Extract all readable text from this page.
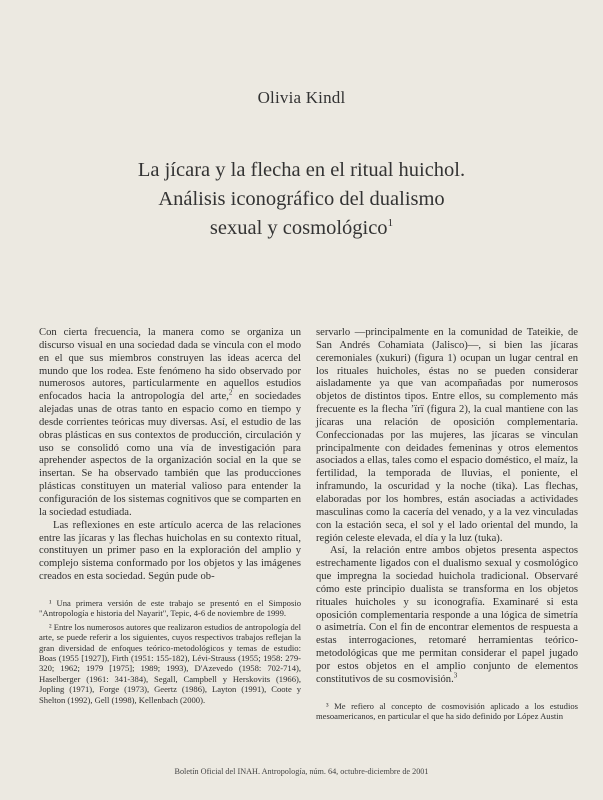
Olivia Kindl
La jícara y la flecha en el ritual huichol.
Análisis iconográfico del dualismo
sexual y cosmológico$^1$

Con cierta frecuencia, la manera como se organiza un discurso visual en una sociedad dada se vincula con el modo en el que sus miembros construyen las ideas acerca del mundo que los rodea. Este fenómeno ha sido observado por numerosos autores, particularmente en aquellos estudios enfocados hacia la antropología del arte,$^2$ en sociedades alejadas unas de otras tanto en espacio como en tiempo y desde corrientes teóricas muy diversas. Así, el estudio de las obras plásticas en sus contextos de producción, circulación y uso se consolidó como una vía de investigación para aprehender aspectos de la organización social en la que se insertan. Se ha observado también que las producciones plásticas constituyen un material valioso para entender la configuración de los sistemas cognitivos que se comparten en la sociedad estudiada.

Las reflexiones en este artículo acerca de las relaciones entre las jícaras y las flechas huicholas en su contexto ritual, constituyen un primer paso en la exploración del amplio y complejo sistema conformado por los objetos y las imágenes creados en esta sociedad. Según pude ob-

¹ Una primera versión de este trabajo se presentó en el Simposio "Antropología e historia del Nayarit", Tepic, 4-6 de noviembre de 1999.

² Entre los numerosos autores que realizaron estudios de antropología del arte, se puede referir a los siguientes, cuyos respectivos trabajos reflejan la gran diversidad de enfoques teórico-metodológicos y temas de estudio: Boas (1955 [1927]), Firth (1951: 155-182), Lévi-Strauss (1955; 1958: 279-320; 1962; 1979 [1975]; 1989; 1993), D'Azevedo (1958: 702-714), Haselberger (1961: 341-384), Segall, Campbell y Herskovits (1966), Jopling (1971), Forge (1973), Geertz (1986), Layton (1991), Coote y Shelton (1992), Gell (1998), Kellenbach (2000).

servarlo —principalmente en la comunidad de Tateikie, de San Andrés Cohamiata (Jalisco)—, si bien las jícaras ceremoniales (xukuri) (figura 1) ocupan un lugar central en los rituales huicholes, éstas no se pueden considerar aisladamente ya que van acompañadas por numerosos objetos de distintos tipos. Entre ellos, su complemento más frecuente es la flecha ʼïrï (figura 2), la cual mantiene con las jícaras una relación de oposición complementaria. Confeccionadas por las mujeres, las jícaras se vinculan principalmente con deidades femeninas y otros elementos asociados a ellas, tales como el espacio doméstico, el maíz, la fertilidad, la temporada de lluvias, el poniente, el inframundo, la oscuridad y la noche (tika). Las flechas, elaboradas por los hombres, están asociadas a actividades masculinas como la cacería del venado, y a la vez vinculadas con la estación seca, el sol y el lado oriental del mundo, la región celeste elevada, el día y la luz (tuka).

Así, la relación entre ambos objetos presenta aspectos estrechamente ligados con el dualismo sexual y cosmológico que impregna la sociedad huichola tradicional. Observaré cómo este principio dualista se transforma en los objetos rituales huicholes y su iconografía. Examinaré si esta oposición complementaria responde a una lógica de simetría o asimetría. Con el fin de encontrar elementos de respuesta a estas interrogaciones, retomaré herramientas teórico-metodológicas que me permitan considerar el papel jugado por estos objetos en el amplio conjunto de elementos constitutivos de su cosmovisión.$^3$

³ Me refiero al concepto de cosmovisión aplicado a los estudios mesoamericanos, en particular el que ha sido definido por López Austin

Boletín Oficial del INAH. Antropología, núm. 64, octubre-diciembre de 2001
